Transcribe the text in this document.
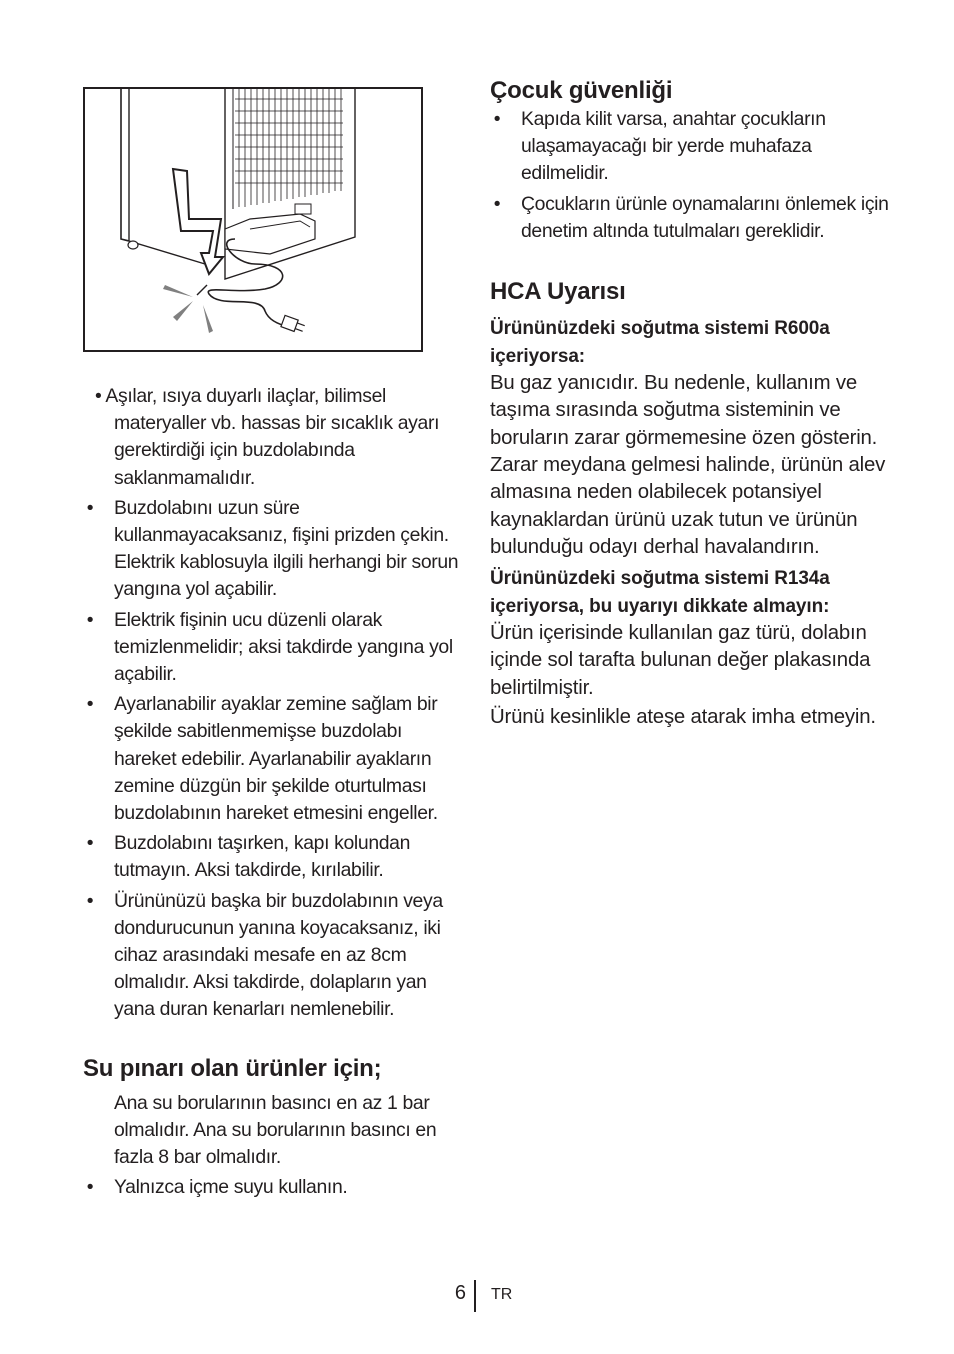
• Aşılar, ısıya duyarlı ilaçlar, bilimsel materyaller vb. hassas bir sıcaklık ayarı gerektirdiği için buzdolabında saklanmamalıdır.
• Buzdolabını uzun süre kullanmayacaksanız, fişini prizden çekin. Elektrik kablosuyla ilgili herhangi bir sorun yangına yol açabilir.
• Elektrik fişinin ucu düzenli olarak temizlenmelidir; aksi takdirde yangına yol açabilir.
• Ayarlanabilir ayaklar zemine sağlam bir şekilde sabitlenmemişse buzdolabı hareket edebilir. Ayarlanabilir ayakların zemine düzgün bir şekilde oturtulması buzdolabının hareket etmesini engeller.
• Buzdolabını taşırken, kapı kolundan tutmayın. Aksi takdirde, kırılabilir.
• Ürününüzü başka bir buzdolabının veya dondurucunun yanına koyacaksanız, iki cihaz arasındaki mesafe en az 8cm olmalıdır. Aksi takdirde, dolapların yan yana duran kenarları nemlenebilir.
Su pınarı olan ürünler için;
Ana su borularının basıncı en az 1 bar olmalıdır. Ana su borularının basıncı en fazla 8 bar olmalıdır.
• Yalnızca içme suyu kullanın.
Çocuk güvenliği
• Kapıda kilit varsa, anahtar çocukların ulaşamayacağı bir yerde muhafaza edilmelidir.
• Çocukların ürünle oynamalarını önlemek için denetim altında tutulmaları gereklidir.
HCA Uyarısı
Ürününüzdeki soğutma sistemi R600a içeriyorsa:
Bu gaz yanıcıdır. Bu nedenle, kullanım ve taşıma sırasında soğutma sisteminin ve boruların zarar görmemesine özen gösterin. Zarar meydana gelmesi halinde, ürünün alev almasına neden olabilecek potansiyel kaynaklardan ürünü uzak tutun ve ürünün bulunduğu odayı derhal havalandırın.
Ürününüzdeki soğutma sistemi R134a içeriyorsa, bu uyarıyı dikkate almayın:
Ürün içerisinde kullanılan gaz türü, dolabın içinde sol tarafta bulunan değer plakasında belirtilmiştir.
Ürünü kesinlikle ateşe atarak imha etmeyin.
6 TR
